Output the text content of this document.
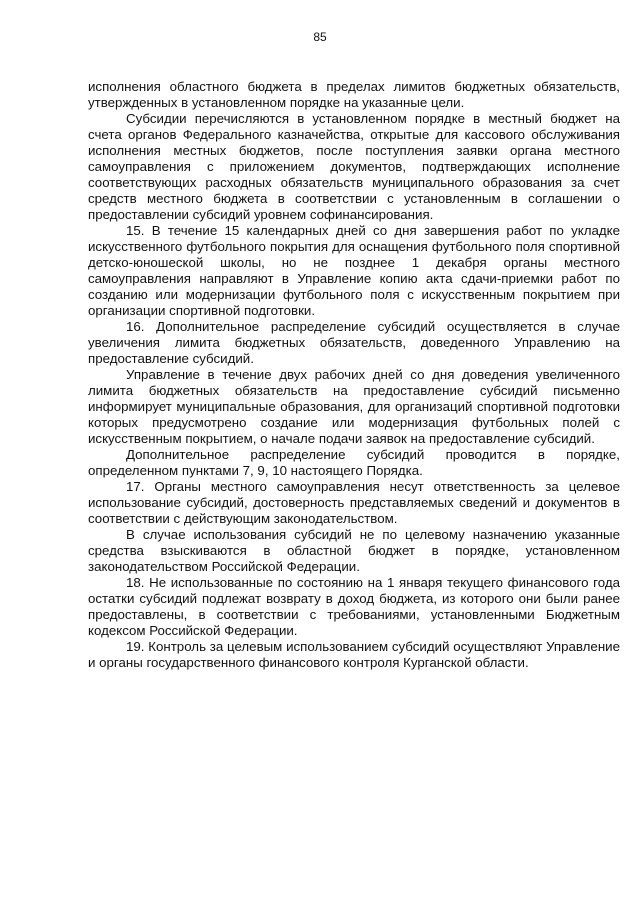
85

исполнения областного бюджета в пределах лимитов бюджетных обязательств, утвержденных в установленном порядке на указанные цели.

Субсидии перечисляются в установленном порядке в местный бюджет на счета органов Федерального казначейства, открытые для кассового обслуживания исполнения местных бюджетов, после поступления заявки органа местного самоуправления с приложением документов, подтверждающих исполнение соответствующих расходных обязательств муниципального образования за счет средств местного бюджета в соответствии с установленным в соглашении о предоставлении субсидий уровнем софинансирования.

15. В течение 15 календарных дней со дня завершения работ по укладке искусственного футбольного покрытия для оснащения футбольного поля спортивной детско-юношеской школы, но не позднее 1 декабря органы местного самоуправления направляют в Управление копию акта сдачи-приемки работ по созданию или модернизации футбольного поля с искусственным покрытием при организации спортивной подготовки.

16. Дополнительное распределение субсидий осуществляется в случае увеличения лимита бюджетных обязательств, доведенного Управлению на предоставление субсидий.

Управление в течение двух рабочих дней со дня доведения увеличенного лимита бюджетных обязательств на предоставление субсидий письменно информирует муниципальные образования, для организаций спортивной подготовки которых предусмотрено создание или модернизация футбольных полей с искусственным покрытием, о начале подачи заявок на предоставление субсидий.

Дополнительное распределение субсидий проводится в порядке, определенном пунктами 7, 9, 10 настоящего Порядка.

17. Органы местного самоуправления несут ответственность за целевое использование субсидий, достоверность представляемых сведений и документов в соответствии с действующим законодательством.

В случае использования субсидий не по целевому назначению указанные средства взыскиваются в областной бюджет в порядке, установленном законодательством Российской Федерации.

18. Не использованные по состоянию на 1 января текущего финансового года остатки субсидий подлежат возврату в доход бюджета, из которого они были ранее предоставлены, в соответствии с требованиями, установленными Бюджетным кодексом Российской Федерации.

19. Контроль за целевым использованием субсидий осуществляют Управление и органы государственного финансового контроля Курганской области.
